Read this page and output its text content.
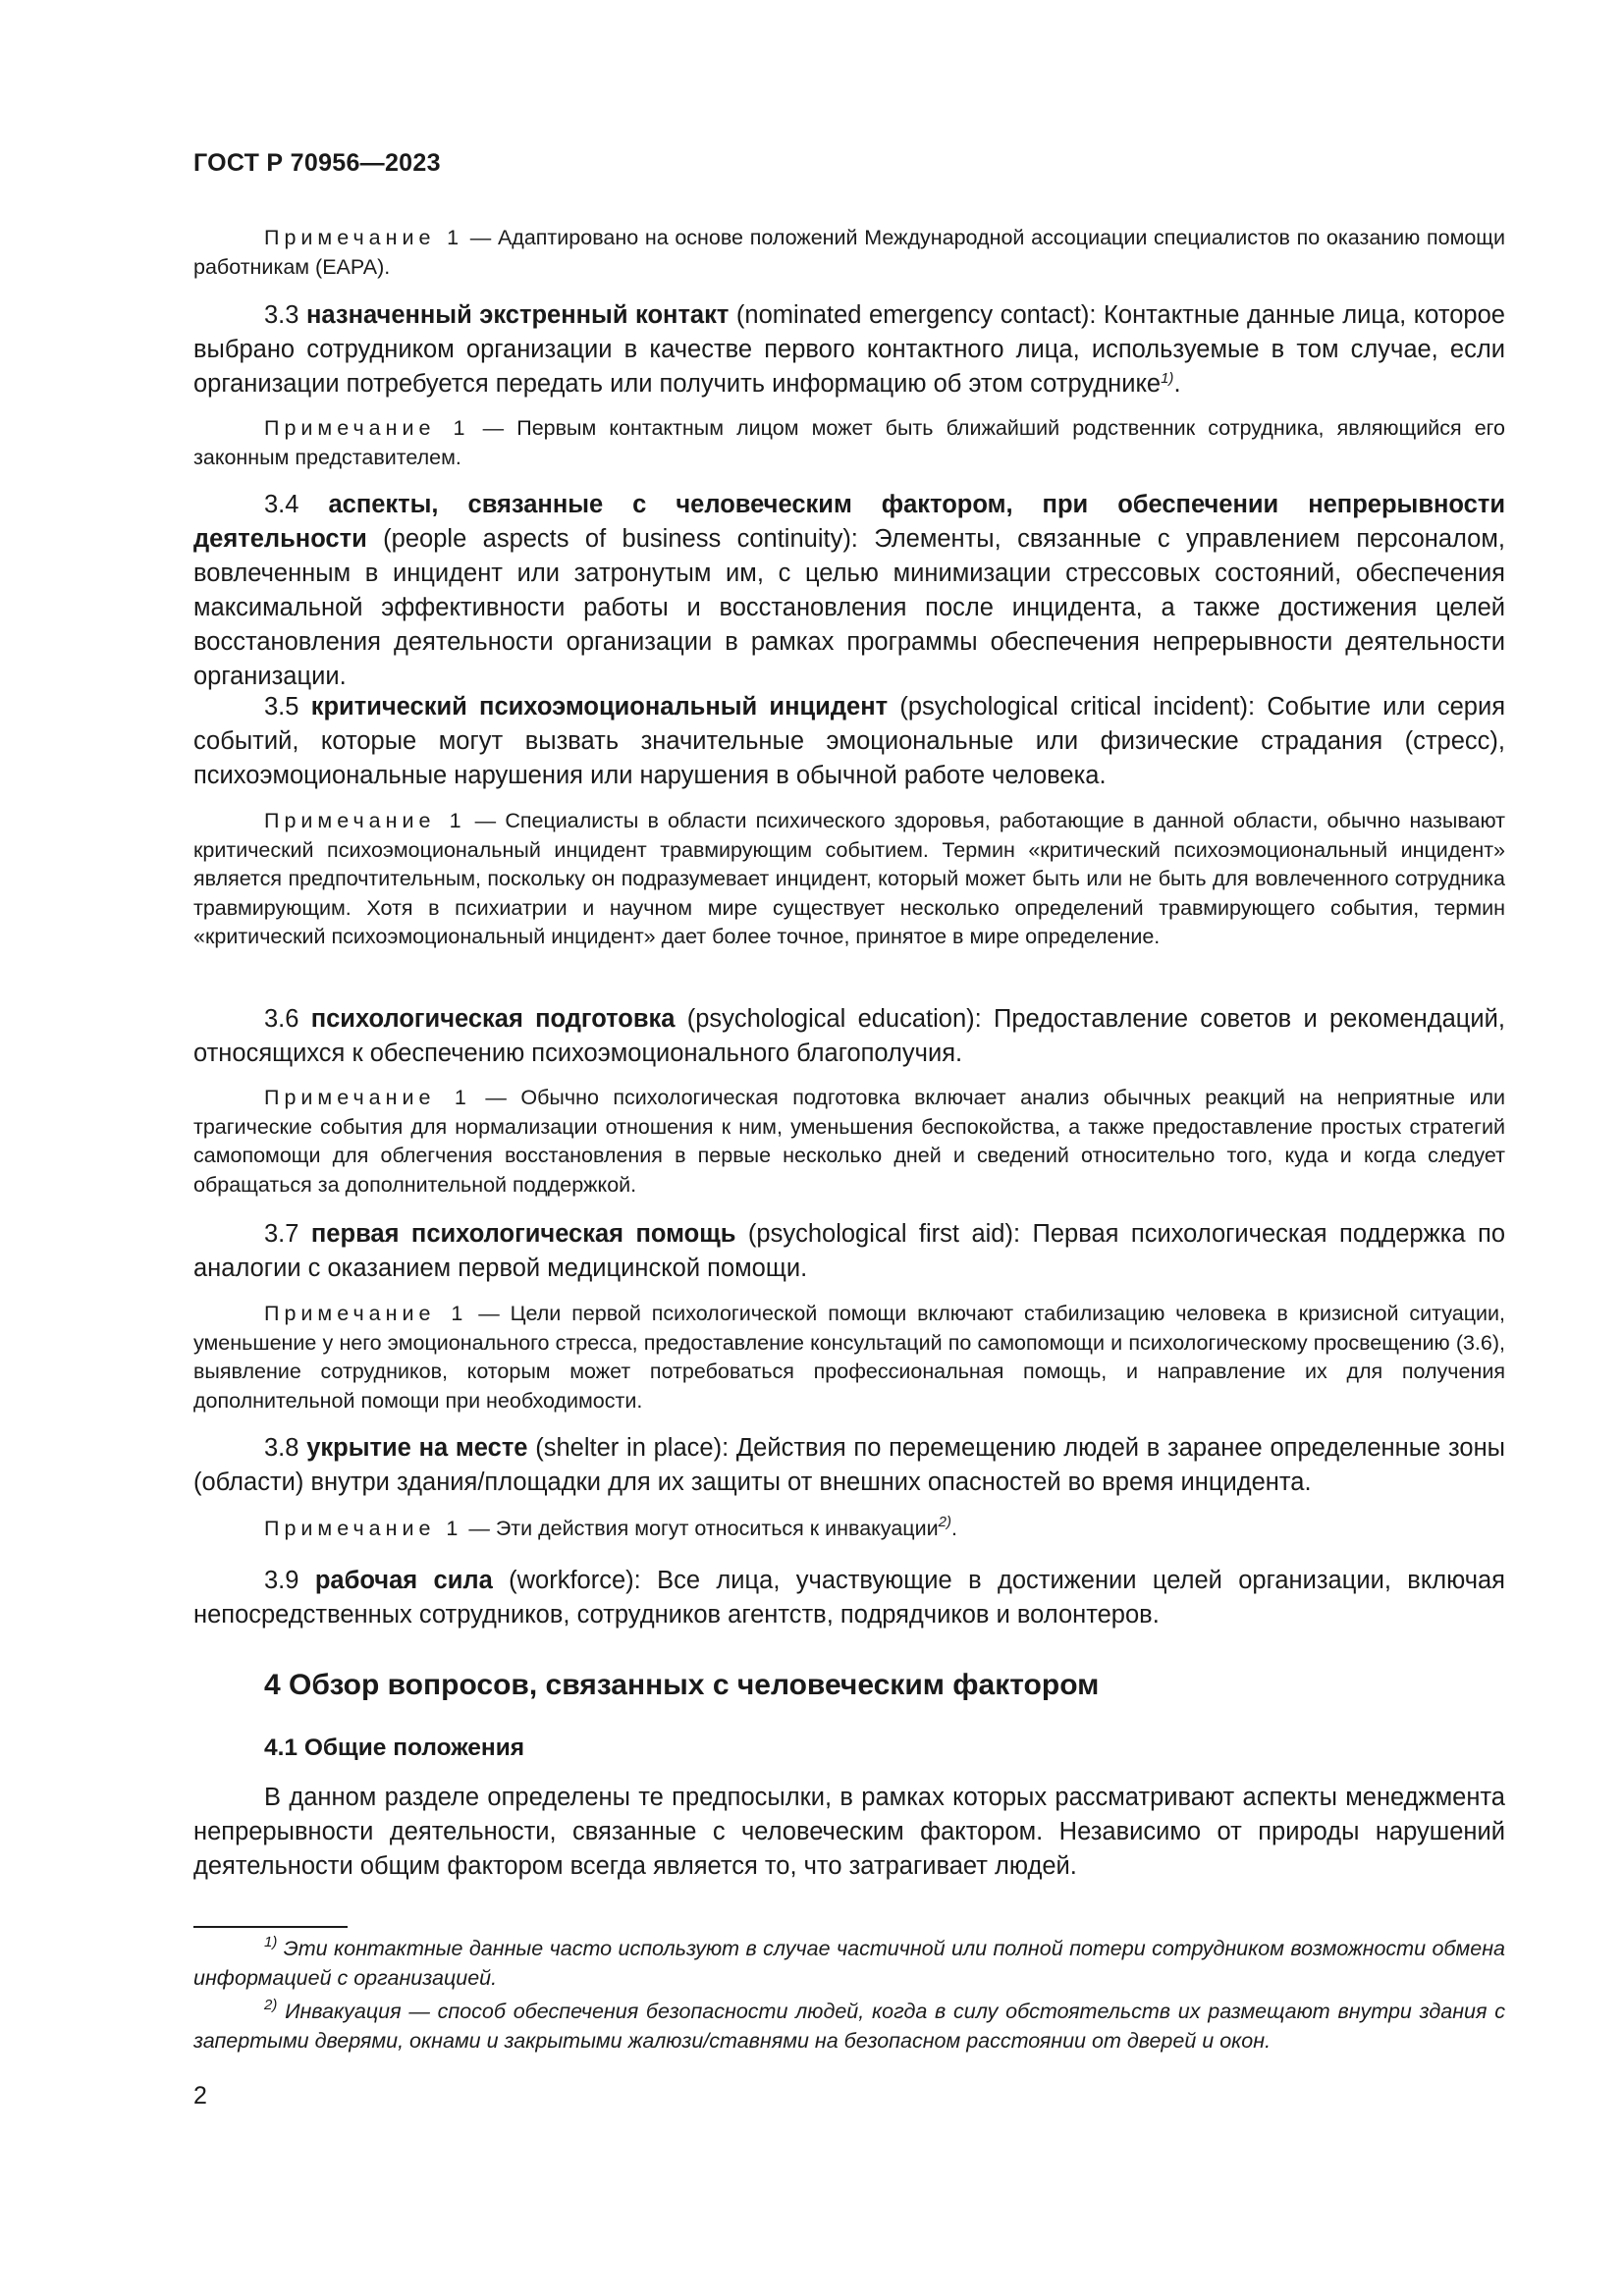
ГОСТ Р 70956—2023

Примечание 1 — Адаптировано на основе положений Международной ассоциации специалистов по оказанию помощи работникам (ЕАРА).

3.3 назначенный экстренный контакт (nominated emergency contact): Контактные данные лица, которое выбрано сотрудником организации в качестве первого контактного лица, используемые в том случае, если организации потребуется передать или получить информацию об этом сотруднике$^{1)}$.

Примечание 1 — Первым контактным лицом может быть ближайший родственник сотрудника, являющийся его законным представителем.

3.4 аспекты, связанные с человеческим фактором, при обеспечении непрерывности деятельности (people aspects of business continuity): Элементы, связанные с управлением персоналом, вовлеченным в инцидент или затронутым им, с целью минимизации стрессовых состояний, обеспечения максимальной эффективности работы и восстановления после инцидента, а также достижения целей восстановления деятельности организации в рамках программы обеспечения непрерывности деятельности организации.

3.5 критический психоэмоциональный инцидент (psychological critical incident): Событие или серия событий, которые могут вызвать значительные эмоциональные или физические страдания (стресс), психоэмоциональные нарушения или нарушения в обычной работе человека.

Примечание 1 — Специалисты в области психического здоровья, работающие в данной области, обычно называют критический психоэмоциональный инцидент травмирующим событием. Термин «критический психоэмоциональный инцидент» является предпочтительным, поскольку он подразумевает инцидент, который может быть или не быть для вовлеченного сотрудника травмирующим. Хотя в психиатрии и научном мире существует несколько определений травмирующего события, термин «критический психоэмоциональный инцидент» дает более точное, принятое в мире определение.

3.6 психологическая подготовка (psychological education): Предоставление советов и рекомендаций, относящихся к обеспечению психоэмоционального благополучия.

Примечание 1 — Обычно психологическая подготовка включает анализ обычных реакций на неприятные или трагические события для нормализации отношения к ним, уменьшения беспокойства, а также предоставление простых стратегий самопомощи для облегчения восстановления в первые несколько дней и сведений относительно того, куда и когда следует обращаться за дополнительной поддержкой.

3.7 первая психологическая помощь (psychological first aid): Первая психологическая поддержка по аналогии с оказанием первой медицинской помощи.

Примечание 1 — Цели первой психологической помощи включают стабилизацию человека в кризисной ситуации, уменьшение у него эмоционального стресса, предоставление консультаций по самопомощи и психологическому просвещению (3.6), выявление сотрудников, которым может потребоваться профессиональная помощь, и направление их для получения дополнительной помощи при необходимости.

3.8 укрытие на месте (shelter in place): Действия по перемещению людей в заранее определенные зоны (области) внутри здания/площадки для их защиты от внешних опасностей во время инцидента.

Примечание 1 — Эти действия могут относиться к инвакуации$^{2)}$.

3.9 рабочая сила (workforce): Все лица, участвующие в достижении целей организации, включая непосредственных сотрудников, сотрудников агентств, подрядчиков и волонтеров.

4 Обзор вопросов, связанных с человеческим фактором

4.1 Общие положения

В данном разделе определены те предпосылки, в рамках которых рассматривают аспекты менеджмента непрерывности деятельности, связанные с человеческим фактором. Независимо от природы нарушений деятельности общим фактором всегда является то, что затрагивает людей.

$^{1)}$ Эти контактные данные часто используют в случае частичной или полной потери сотрудником возможности обмена информацией с организацией.

$^{2)}$ Инвакуация — способ обеспечения безопасности людей, когда в силу обстоятельств их размещают внутри здания с запертыми дверями, окнами и закрытыми жалюзи/ставнями на безопасном расстоянии от дверей и окон.

2
